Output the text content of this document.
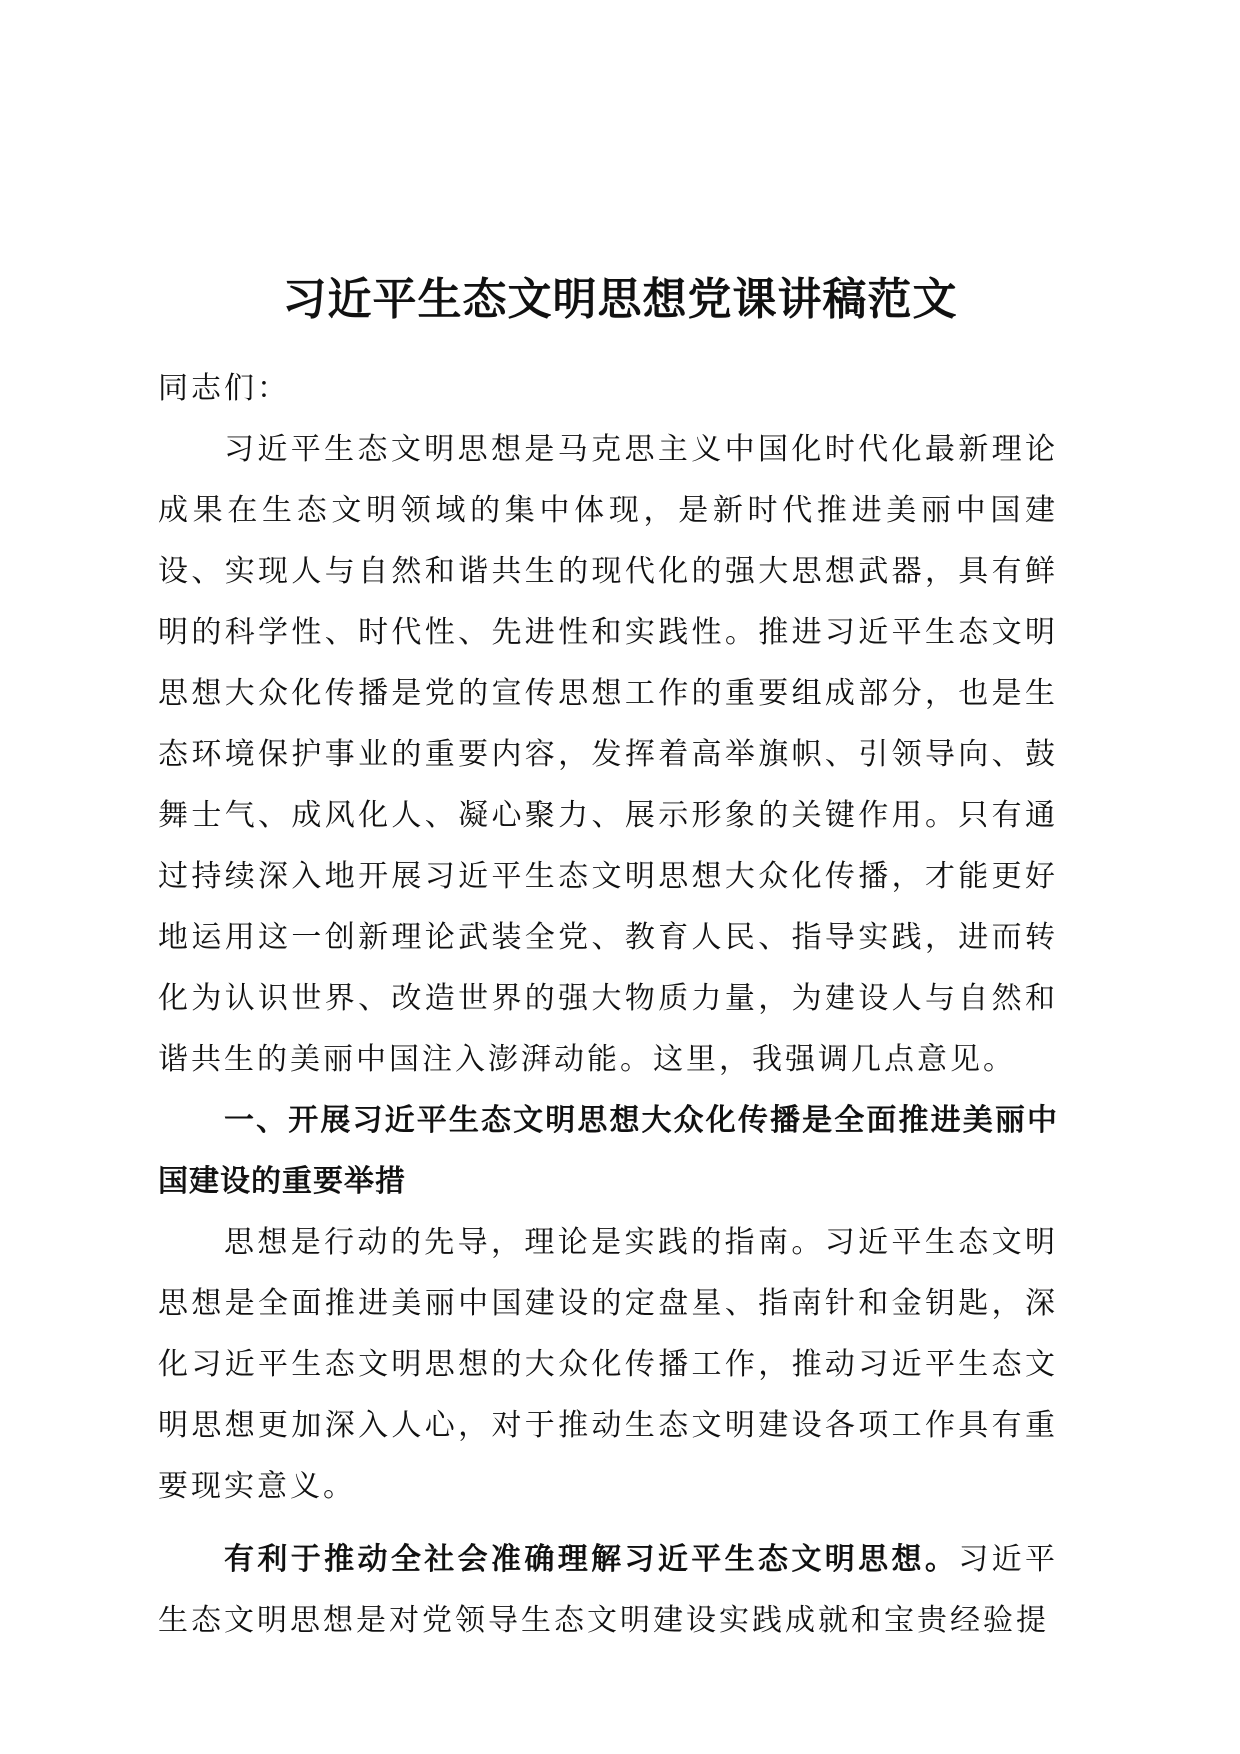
习近平生态文明思想党课讲稿范文

同志们：

习近平生态文明思想是马克思主义中国化时代化最新理论成果在生态文明领域的集中体现，是新时代推进美丽中国建设、实现人与自然和谐共生的现代化的强大思想武器，具有鲜明的科学性、时代性、先进性和实践性。推进习近平生态文明思想大众化传播是党的宣传思想工作的重要组成部分，也是生态环境保护事业的重要内容，发挥着高举旗帜、引领导向、鼓舞士气、成风化人、凝心聚力、展示形象的关键作用。只有通过持续深入地开展习近平生态文明思想大众化传播，才能更好地运用这一创新理论武装全党、教育人民、指导实践，进而转化为认识世界、改造世界的强大物质力量，为建设人与自然和谐共生的美丽中国注入澎湃动能。这里，我强调几点意见。

一、开展习近平生态文明思想大众化传播是全面推进美丽中国建设的重要举措

思想是行动的先导，理论是实践的指南。习近平生态文明思想是全面推进美丽中国建设的定盘星、指南针和金钥匙，深化习近平生态文明思想的大众化传播工作，推动习近平生态文明思想更加深入人心，对于推动生态文明建设各项工作具有重要现实意义。

有利于推动全社会准确理解习近平生态文明思想。习近平生态文明思想是对党领导生态文明建设实践成就和宝贵经验提
